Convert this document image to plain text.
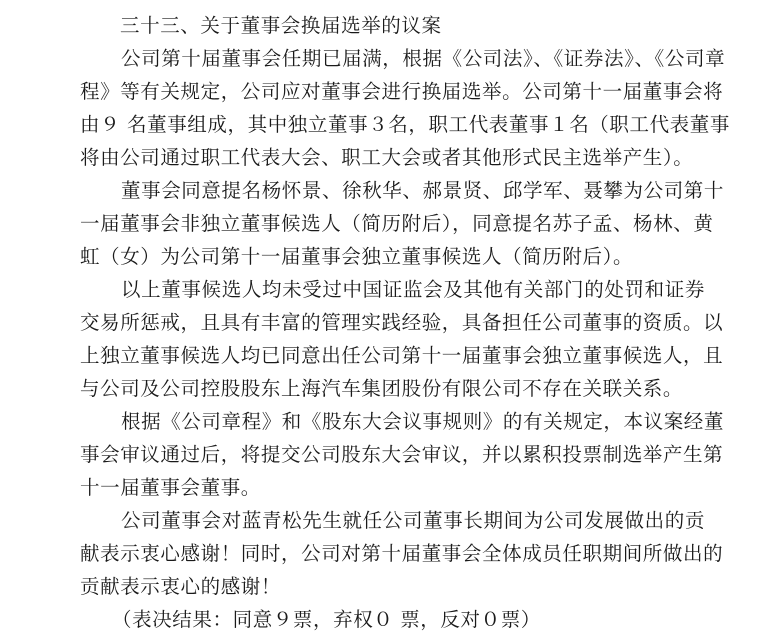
三十三、关于董事会换届选举的议案
公司第十届董事会任期已届满，根据《公司法》、《证券法》、《公司章
程》等有关规定，公司应对董事会进行换届选举。公司第十一届董事会将
由９ 名董事组成，其中独立董事３名，职工代表董事１名（职工代表董事
将由公司通过职工代表大会、职工大会或者其他形式民主选举产生）。
董事会同意提名杨怀景、徐秋华、郝景贤、邱学军、聂攀为公司第十
一届董事会非独立董事候选人（简历附后），同意提名苏子孟、杨林、黄
虹（女）为公司第十一届董事会独立董事候选人（简历附后）。
以上董事候选人均未受过中国证监会及其他有关部门的处罚和证券
交易所惩戒，且具有丰富的管理实践经验，具备担任公司董事的资质。以
上独立董事候选人均已同意出任公司第十一届董事会独立董事候选人，且
与公司及公司控股股东上海汽车集团股份有限公司不存在关联关系。
根据《公司章程》和《股东大会议事规则》的有关规定，本议案经董
事会审议通过后，将提交公司股东大会审议，并以累积投票制选举产生第
十一届董事会董事。
公司董事会对蓝青松先生就任公司董事长期间为公司发展做出的贡
献表示衷心感谢！同时，公司对第十届董事会全体成员任职期间所做出的
贡献表示衷心的感谢！
（表决结果：同意９票，弃权０ 票，反对０票）
